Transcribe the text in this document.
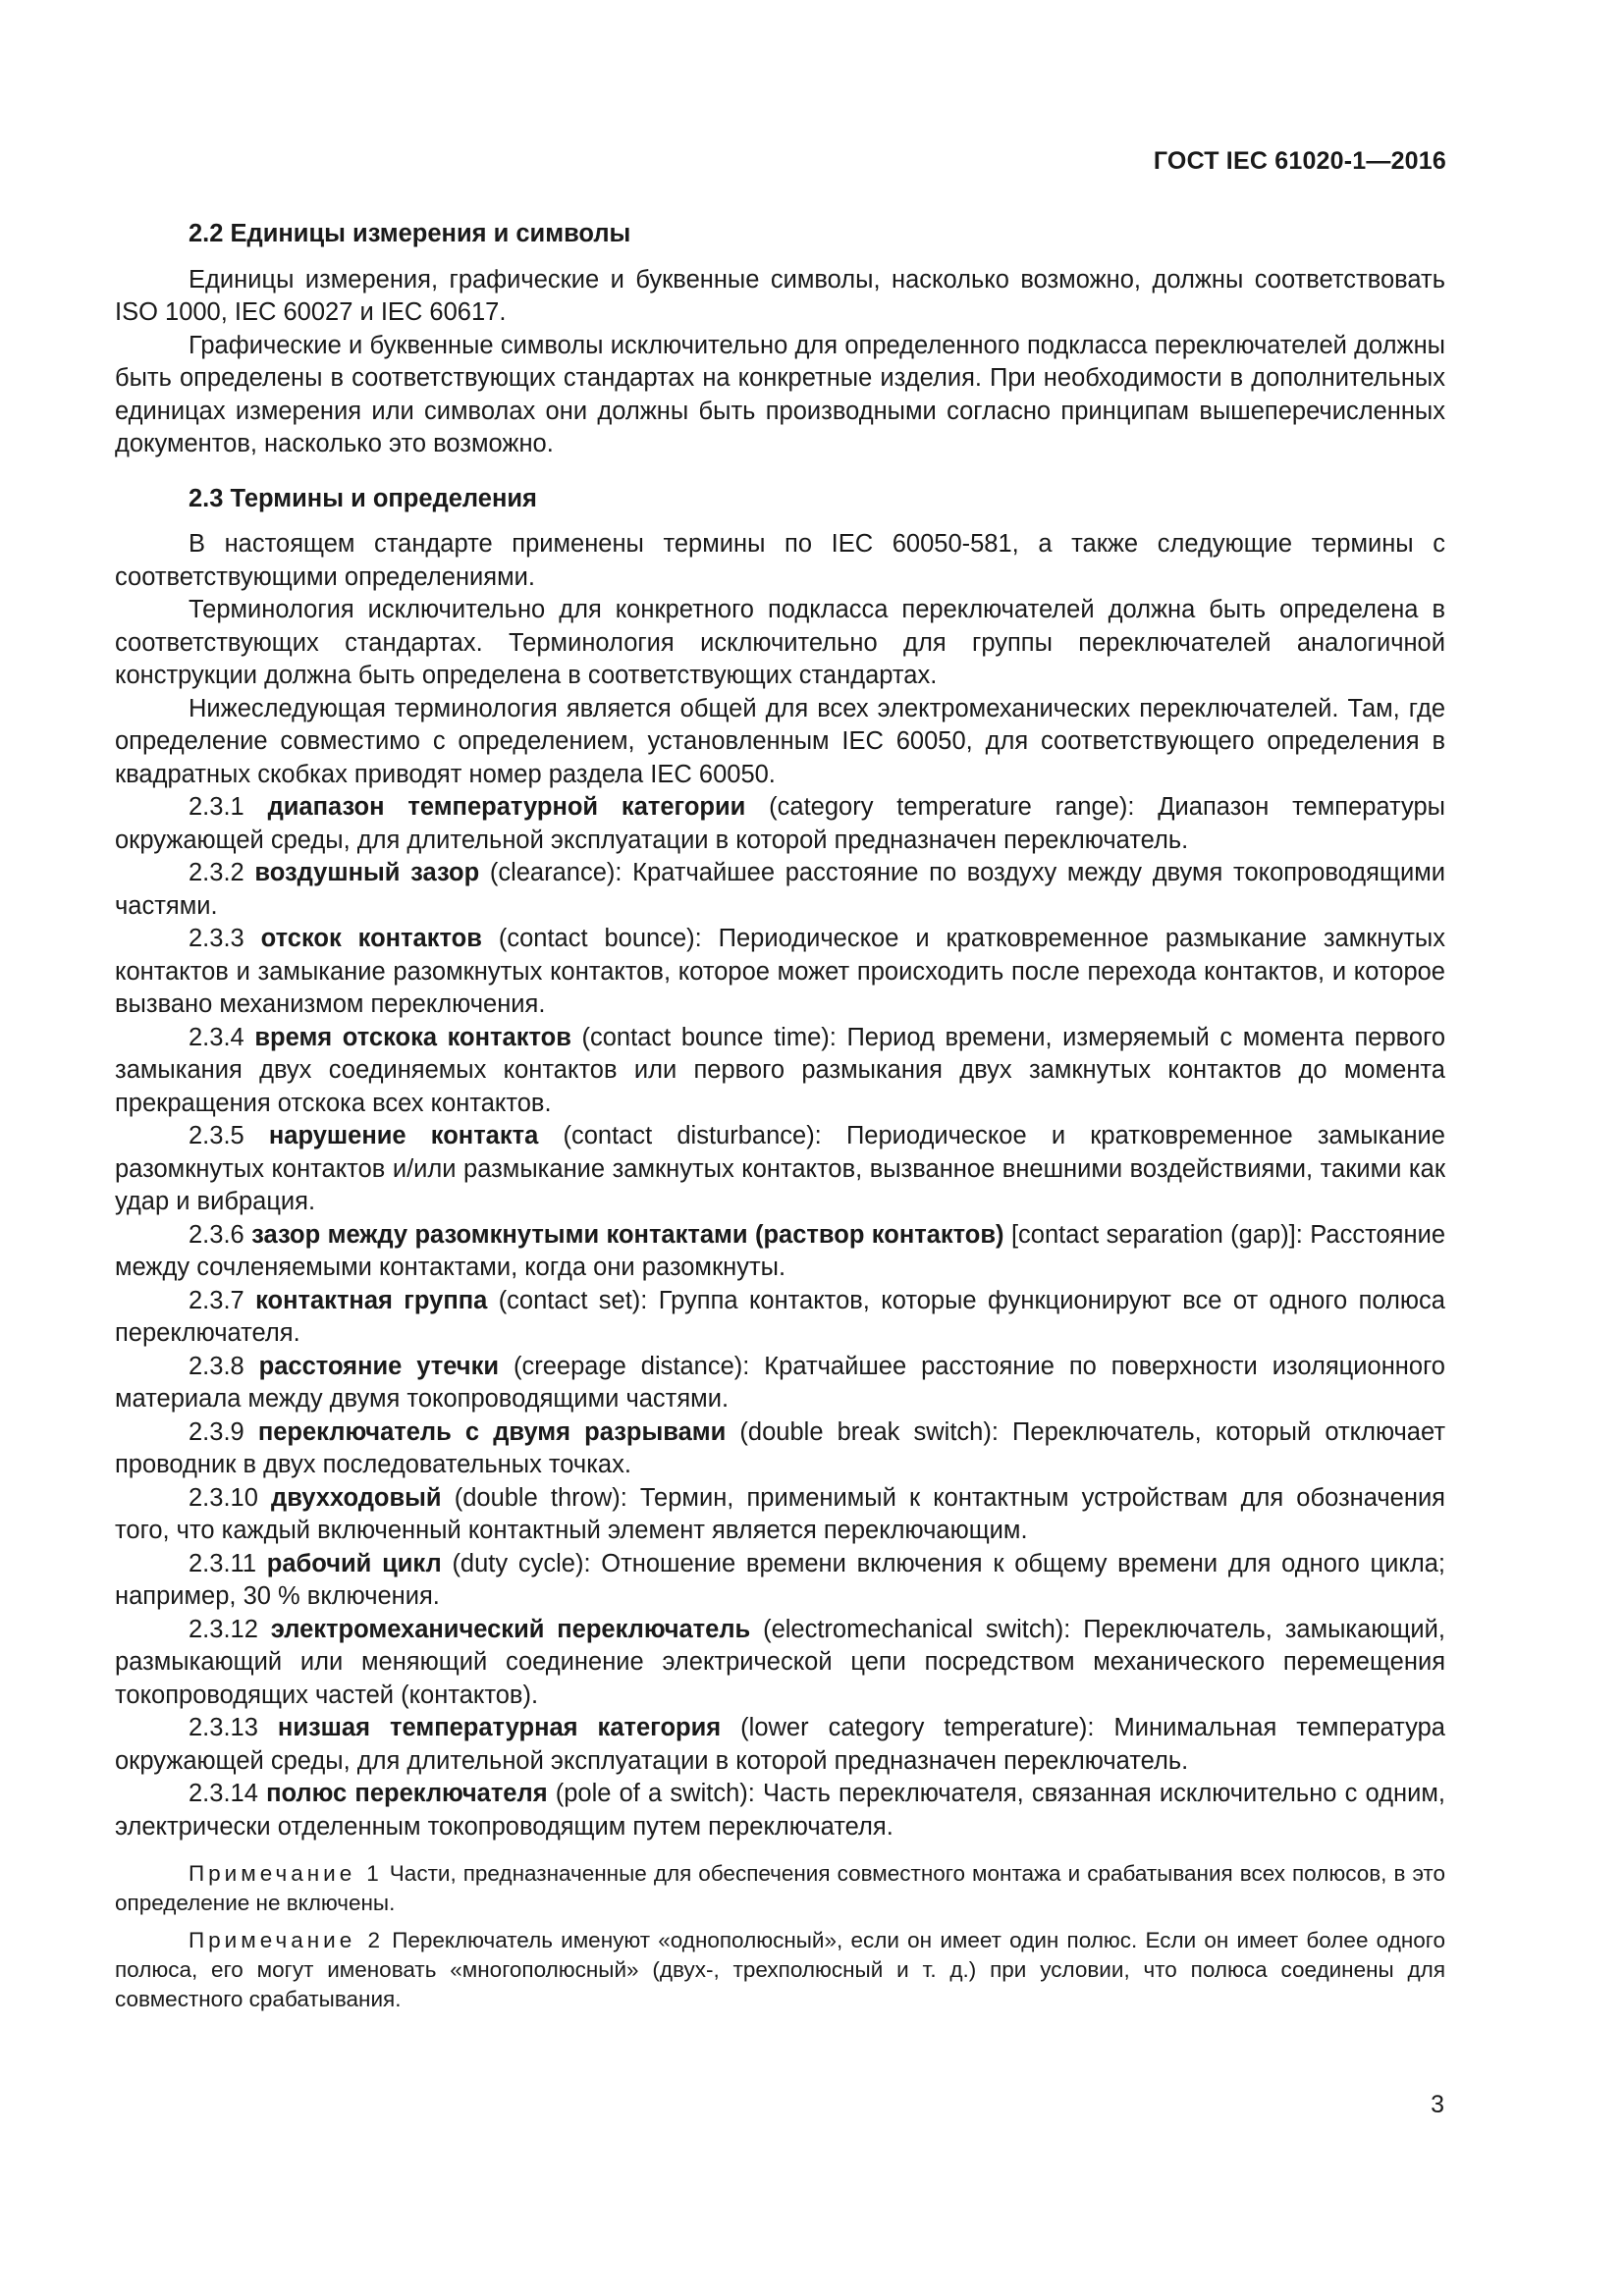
ГОСТ IEC 61020-1—2016
2.2 Единицы измерения и символы

Единицы измерения, графические и буквенные символы, насколько возможно, должны соответствовать ISO 1000, IEC 60027 и IEC 60617.

Графические и буквенные символы исключительно для определенного подкласса переключателей должны быть определены в соответствующих стандартах на конкретные изделия. При необходимости в дополнительных единицах измерения или символах они должны быть производными согласно принципам вышеперечисленных документов, насколько это возможно.

2.3 Термины и определения

В настоящем стандарте применены термины по IEC 60050-581, а также следующие термины с соответствующими определениями.

Терминология исключительно для конкретного подкласса переключателей должна быть определена в соответствующих стандартах. Терминология исключительно для группы переключателей аналогичной конструкции должна быть определена в соответствующих стандартах.

Нижеследующая терминология является общей для всех электромеханических переключателей. Там, где определение совместимо с определением, установленным IEC 60050, для соответствующего определения в квадратных скобках приводят номер раздела IEC 60050.

2.3.1 диапазон температурной категории (category temperature range): Диапазон температуры окружающей среды, для длительной эксплуатации в которой предназначен переключатель.

2.3.2 воздушный зазор (clearance): Кратчайшее расстояние по воздуху между двумя токопроводящими частями.

2.3.3 отскок контактов (contact bounce): Периодическое и кратковременное размыкание замкнутых контактов и замыкание разомкнутых контактов, которое может происходить после перехода контактов, и которое вызвано механизмом переключения.

2.3.4 время отскока контактов (contact bounce time): Период времени, измеряемый с момента первого замыкания двух соединяемых контактов или первого размыкания двух замкнутых контактов до момента прекращения отскока всех контактов.

2.3.5 нарушение контакта (contact disturbance): Периодическое и кратковременное замыкание разомкнутых контактов и/или размыкание замкнутых контактов, вызванное внешними воздействиями, такими как удар и вибрация.

2.3.6 зазор между разомкнутыми контактами (раствор контактов) [contact separation (gap)]: Расстояние между сочленяемыми контактами, когда они разомкнуты.

2.3.7 контактная группа (contact set): Группа контактов, которые функционируют все от одного полюса переключателя.

2.3.8 расстояние утечки (creepage distance): Кратчайшее расстояние по поверхности изоляционного материала между двумя токопроводящими частями.

2.3.9 переключатель с двумя разрывами (double break switch): Переключатель, который отключает проводник в двух последовательных точках.

2.3.10 двухходовый (double throw): Термин, применимый к контактным устройствам для обозначения того, что каждый включенный контактный элемент является переключающим.

2.3.11 рабочий цикл (duty cycle): Отношение времени включения к общему времени для одного цикла; например, 30 % включения.

2.3.12 электромеханический переключатель (electromechanical switch): Переключатель, замыкающий, размыкающий или меняющий соединение электрической цепи посредством механического перемещения токопроводящих частей (контактов).

2.3.13 низшая температурная категория (lower category temperature): Минимальная температура окружающей среды, для длительной эксплуатации в которой предназначен переключатель.

2.3.14 полюс переключателя (pole of a switch): Часть переключателя, связанная исключительно с одним, электрически отделенным токопроводящим путем переключателя.

Примечание 1 Части, предназначенные для обеспечения совместного монтажа и срабатывания всех полюсов, в это определение не включены.

Примечание 2 Переключатель именуют «однополюсный», если он имеет один полюс. Если он имеет более одного полюса, его могут именовать «многополюсный» (двух-, трехполюсный и т. д.) при условии, что полюса соединены для совместного срабатывания.

3
